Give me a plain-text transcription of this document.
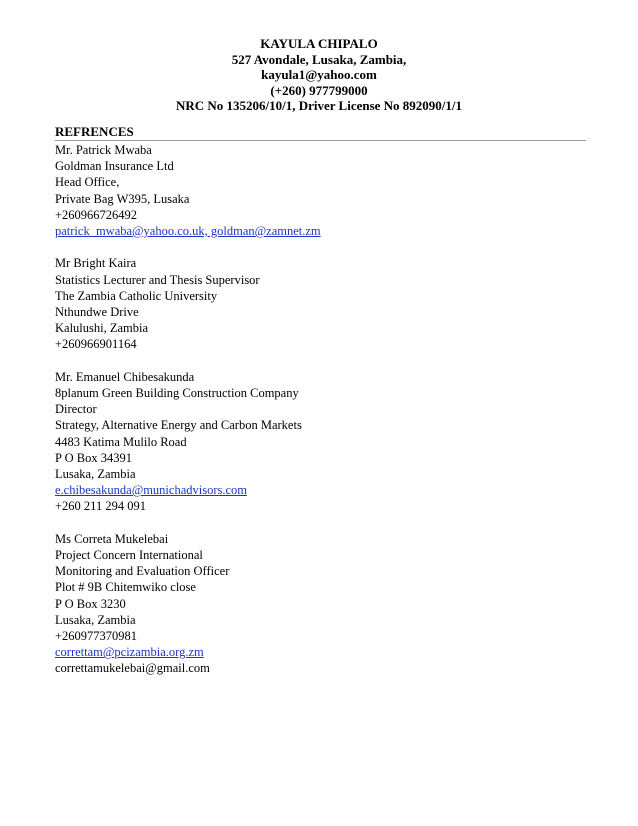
KAYULA CHIPALO
527 Avondale, Lusaka, Zambia,
kayula1@yahoo.com
(+260) 977799000
NRC No 135206/10/1, Driver License No 892090/1/1
REFRENCES
Mr. Patrick Mwaba
Goldman Insurance Ltd
Head Office,
Private Bag W395, Lusaka
+260966726492
patrick_mwaba@yahoo.co.uk, goldman@zamnet.zm
Mr Bright Kaira
Statistics Lecturer and Thesis Supervisor
The Zambia Catholic University
Nthundwe Drive
Kalulushi, Zambia
+260966901164
Mr. Emanuel Chibesakunda
8planum Green Building Construction Company
Director
Strategy, Alternative Energy and Carbon Markets
4483 Katima Mulilo Road
P O Box 34391
Lusaka, Zambia
e.chibesakunda@munichadvisors.com
+260 211 294 091
Ms Correta Mukelebai
Project Concern International
Monitoring and Evaluation Officer
Plot # 9B Chitemwiko close
P O Box 3230
Lusaka, Zambia
+260977370981
correttam@pcizambia.org.zm
correttamukelebai@gmail.com
